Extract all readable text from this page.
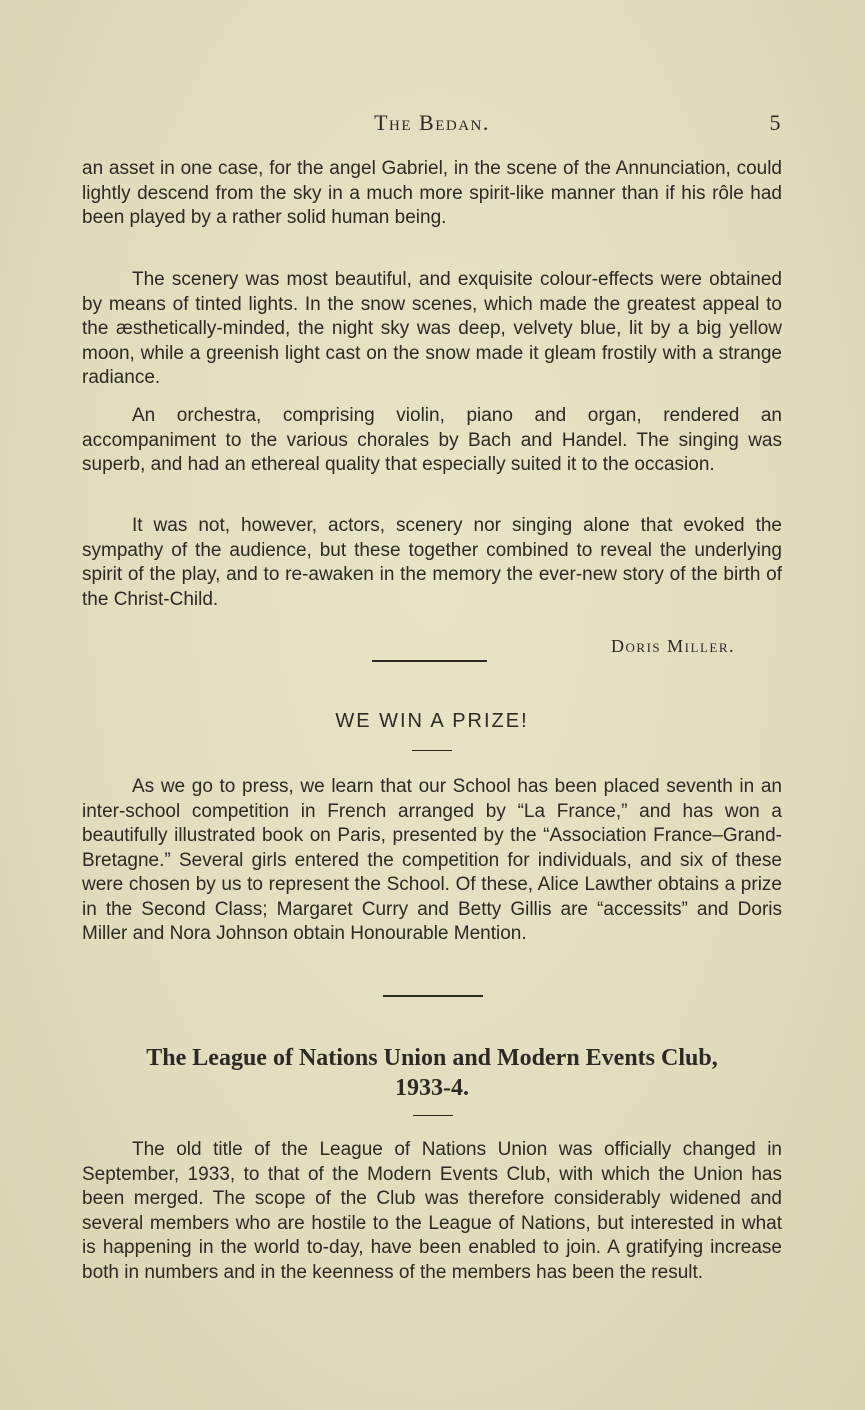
The Bedan.	5

an asset in one case, for the angel Gabriel, in the scene of the Annunciation, could lightly descend from the sky in a much more spirit-like manner than if his rôle had been played by a rather solid human being.

The scenery was most beautiful, and exquisite colour-effects were obtained by means of tinted lights. In the snow scenes, which made the greatest appeal to the æsthetically-minded, the night sky was deep, velvety blue, lit by a big yellow moon, while a greenish light cast on the snow made it gleam frostily with a strange radiance.

An orchestra, comprising violin, piano and organ, rendered an accompaniment to the various chorales by Bach and Handel. The singing was superb, and had an ethereal quality that especially suited it to the occasion.

It was not, however, actors, scenery nor singing alone that evoked the sympathy of the audience, but these together combined to reveal the underlying spirit of the play, and to re-awaken in the memory the ever-new story of the birth of the Christ-Child.

Doris Miller.
WE WIN A PRIZE!

As we go to press, we learn that our School has been placed seventh in an inter-school competition in French arranged by “La France,” and has won a beautifully illustrated book on Paris, presented by the “Association France–Grand-Bretagne.” Several girls entered the competition for individuals, and six of these were chosen by us to represent the School. Of these, Alice Lawther obtains a prize in the Second Class; Margaret Curry and Betty Gillis are “accessits” and Doris Miller and Nora Johnson obtain Honourable Mention.

The League of Nations Union and Modern Events Club,
1933-4.

The old title of the League of Nations Union was officially changed in September, 1933, to that of the Modern Events Club, with which the Union has been merged. The scope of the Club was therefore considerably widened and several members who are hostile to the League of Nations, but interested in what is happening in the world to-day, have been enabled to join. A gratifying increase both in numbers and in the keenness of the members has been the result.
